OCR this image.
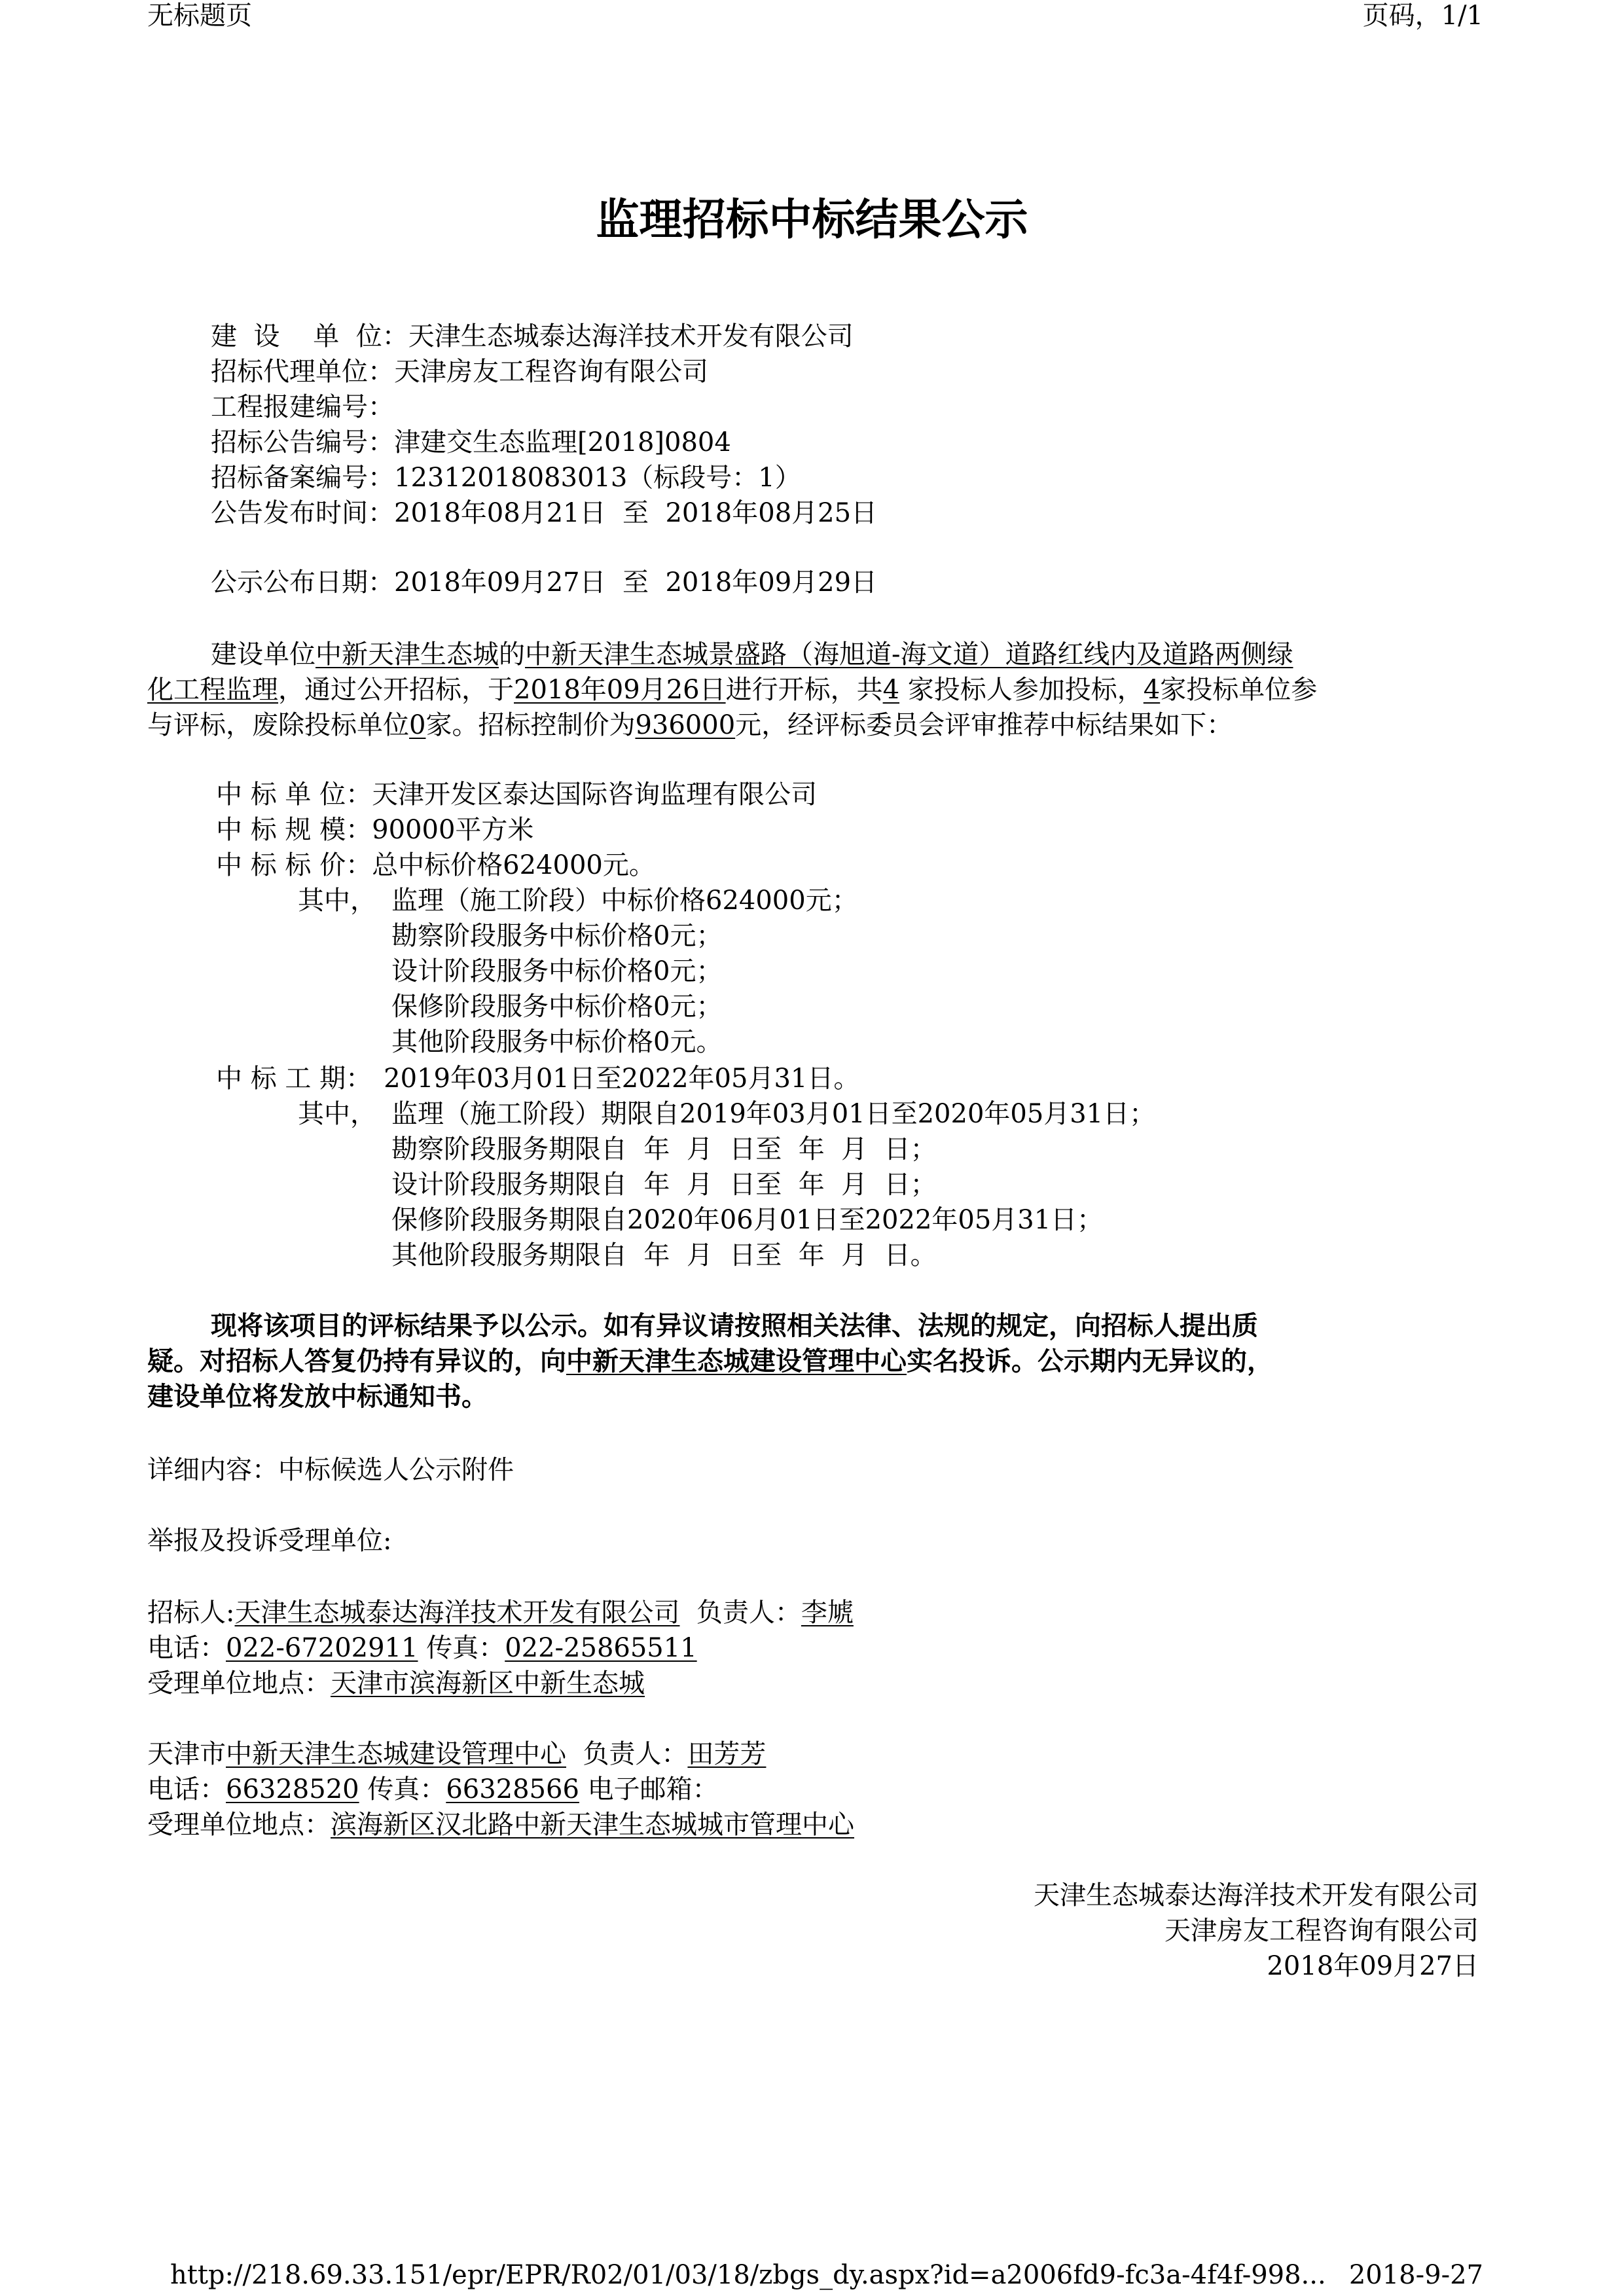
无标题页	页码，1/1
监理招标中标结果公示
建  设    单  位：天津生态城泰达海洋技术开发有限公司
招标代理单位：天津房友工程咨询有限公司
工程报建编号：
招标公告编号：津建交生态监理[2018]0804
招标备案编号：12312018083013（标段号：1）
公告发布时间：2018年08月21日  至  2018年08月25日
公示公布日期：2018年09月27日  至  2018年09月29日
建设单位中新天津生态城的中新天津生态城景盛路（海旭道-海文道）道路红线内及道路两侧绿
化工程监理，通过公开招标，于2018年09月26日进行开标，共4 家投标人参加投标，4家投标单位参
与评标，废除投标单位0家。招标控制价为936000元，经评标委员会评审推荐中标结果如下：
中 标 单 位：天津开发区泰达国际咨询监理有限公司
中 标 规 模：90000平方米
中 标 标 价：总中标价格624000元。
其中， 监理（施工阶段）中标价格624000元；
勘察阶段服务中标价格0元；
设计阶段服务中标价格0元；
保修阶段服务中标价格0元；
其他阶段服务中标价格0元。
中 标 工 期： 2019年03月01日至2022年05月31日。
其中， 监理（施工阶段）期限自2019年03月01日至2020年05月31日；
勘察阶段服务期限自  年  月  日至  年  月  日；
设计阶段服务期限自  年  月  日至  年  月  日；
保修阶段服务期限自2020年06月01日至2022年05月31日；
其他阶段服务期限自  年  月  日至  年  月  日。
现将该项目的评标结果予以公示。如有异议请按照相关法律、法规的规定，向招标人提出质
疑。对招标人答复仍持有异议的，向中新天津生态城建设管理中心实名投诉。公示期内无异议的，
建设单位将发放中标通知书。
详细内容：中标候选人公示附件
举报及投诉受理单位:
招标人:天津生态城泰达海洋技术开发有限公司 负责人：李虓
电话：022-67202911 传真：022-25865511
受理单位地点：天津市滨海新区中新生态城
天津市中新天津生态城建设管理中心 负责人：田芳芳
电话：66328520 传真：66328566 电子邮箱：
受理单位地点：滨海新区汉北路中新天津生态城城市管理中心
天津生态城泰达海洋技术开发有限公司
天津房友工程咨询有限公司
2018年09月27日
http://218.69.33.151/epr/EPR/R02/01/03/18/zbgs_dy.aspx?id=a2006fd9-fc3a-4f4f-998... 2018-9-27
